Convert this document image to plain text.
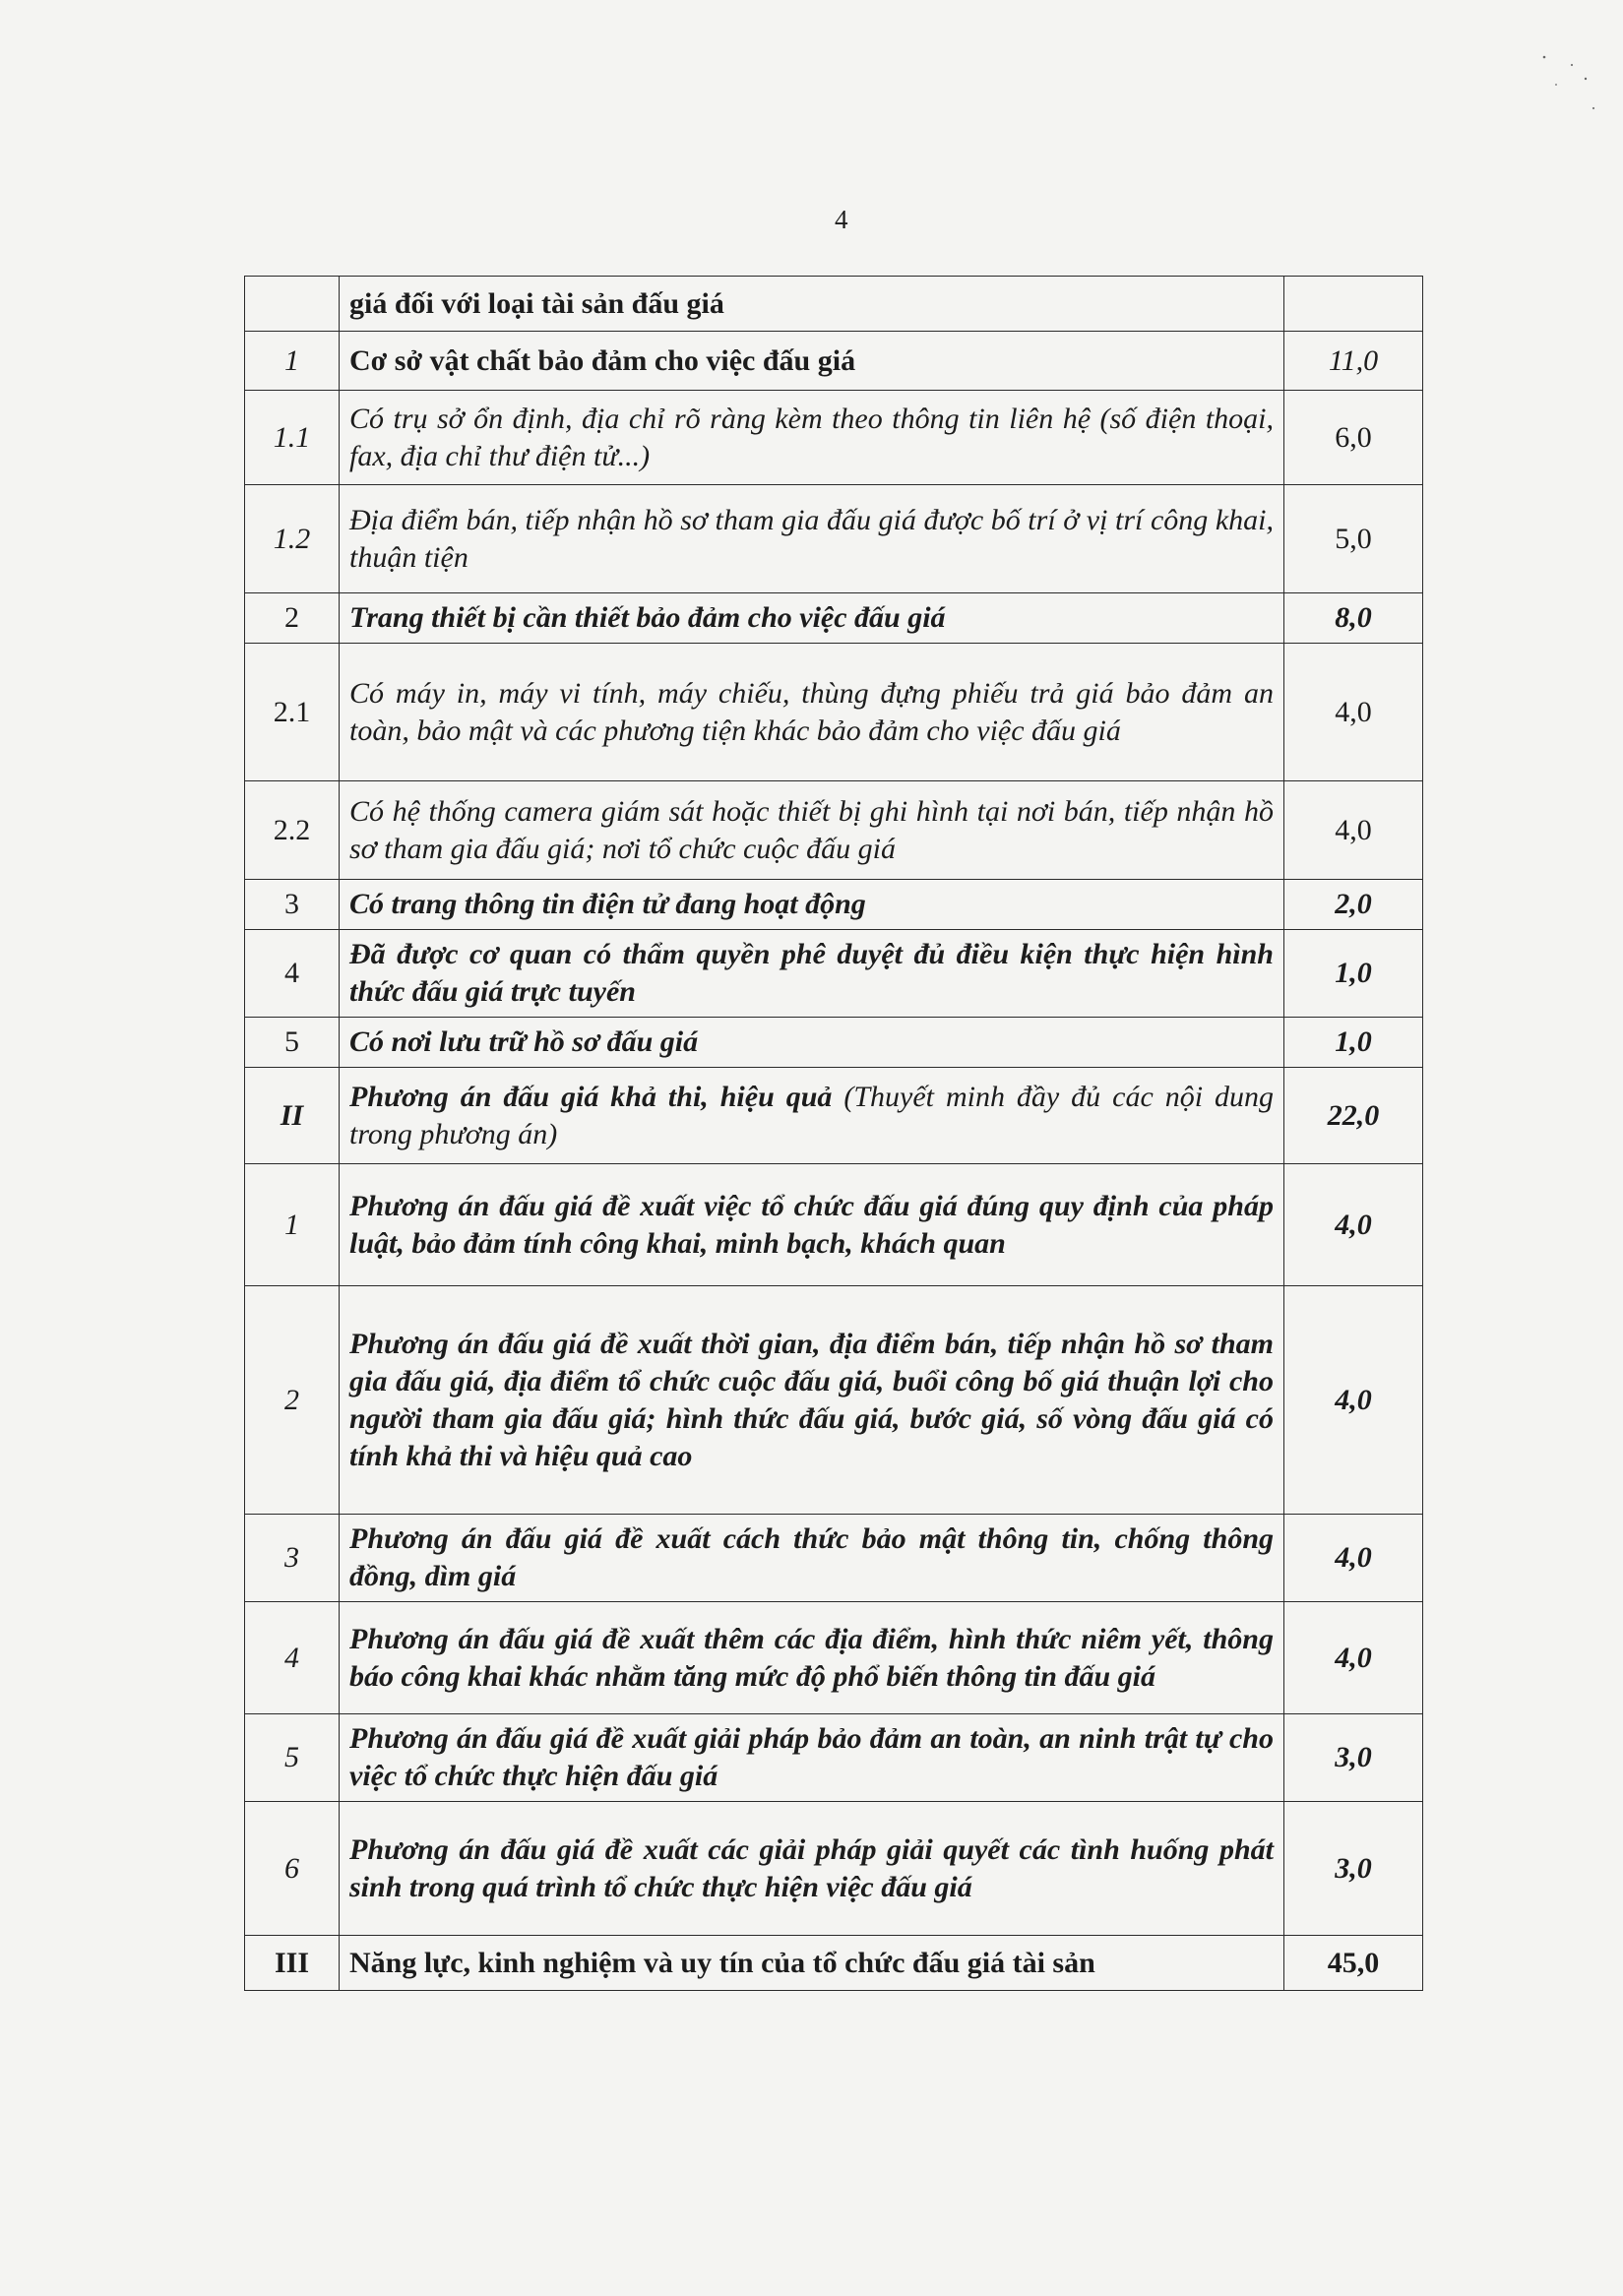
4
	giá đối với loại tài sản đấu giá	
1	Cơ sở vật chất bảo đảm cho việc đấu giá	11,0
1.1	Có trụ sở ổn định, địa chỉ rõ ràng kèm theo thông tin liên hệ (số điện thoại, fax, địa chỉ thư điện tử...)	6,0
1.2	Địa điểm bán, tiếp nhận hồ sơ tham gia đấu giá được bố trí ở vị trí công khai, thuận tiện	5,0
2	Trang thiết bị cần thiết bảo đảm cho việc đấu giá	8,0
2.1	Có máy in, máy vi tính, máy chiếu, thùng đựng phiếu trả giá bảo đảm an toàn, bảo mật và các phương tiện khác bảo đảm cho việc đấu giá	4,0
2.2	Có hệ thống camera giám sát hoặc thiết bị ghi hình tại nơi bán, tiếp nhận hồ sơ tham gia đấu giá; nơi tổ chức cuộc đấu giá	4,0
3	Có trang thông tin điện tử đang hoạt động	2,0
4	Đã được cơ quan có thẩm quyền phê duyệt đủ điều kiện thực hiện hình thức đấu giá trực tuyến	1,0
5	Có nơi lưu trữ hồ sơ đấu giá	1,0
II	Phương án đấu giá khả thi, hiệu quả (Thuyết minh đầy đủ các nội dung trong phương án)	22,0
1	Phương án đấu giá đề xuất việc tổ chức đấu giá đúng quy định của pháp luật, bảo đảm tính công khai, minh bạch, khách quan	4,0
2	Phương án đấu giá đề xuất thời gian, địa điểm bán, tiếp nhận hồ sơ tham gia đấu giá, địa điểm tổ chức cuộc đấu giá, buổi công bố giá thuận lợi cho người tham gia đấu giá; hình thức đấu giá, bước giá, số vòng đấu giá có tính khả thi và hiệu quả cao	4,0
3	Phương án đấu giá đề xuất cách thức bảo mật thông tin, chống thông đồng, dìm giá	4,0
4	Phương án đấu giá đề xuất thêm các địa điểm, hình thức niêm yết, thông báo công khai khác nhằm tăng mức độ phổ biến thông tin đấu giá	4,0
5	Phương án đấu giá đề xuất giải pháp bảo đảm an toàn, an ninh trật tự cho việc tổ chức thực hiện đấu giá	3,0
6	Phương án đấu giá đề xuất các giải pháp giải quyết các tình huống phát sinh trong quá trình tổ chức thực hiện việc đấu giá	3,0
III	Năng lực, kinh nghiệm và uy tín của tổ chức đấu giá tài sản	45,0
